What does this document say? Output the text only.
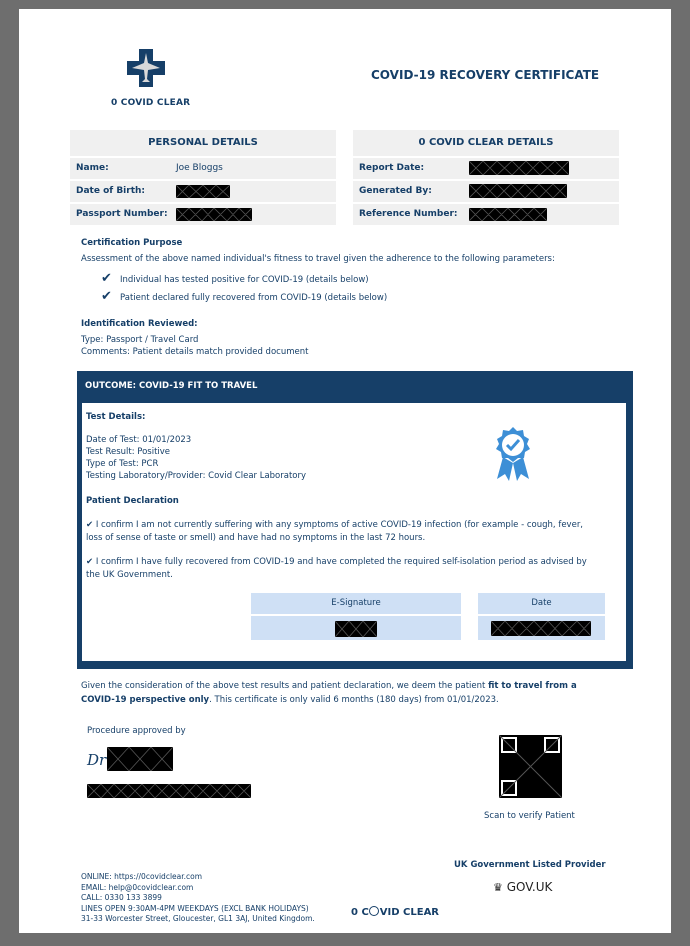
0 COVID CLEAR
COVID-19 RECOVERY CERTIFICATE
PERSONAL DETAILS
Name:	Joe Bloggs
Date of Birth:
Passport Number:
0 COVID CLEAR DETAILS
Report Date:
Generated By:
Reference Number:
Certification Purpose
Assessment of the above named individual's fitness to travel given the adherence to the following parameters:
✔ Individual has tested positive for COVID-19 (details below)
✔ Patient declared fully recovered from COVID-19 (details below)
Identification Reviewed:
Type: Passport / Travel Card
Comments: Patient details match provided document
OUTCOME: COVID-19 FIT TO TRAVEL
Test Details:
Date of Test: 01/01/2023
Test Result: Positive
Type of Test: PCR
Testing Laboratory/Provider: Covid Clear Laboratory
Patient Declaration
✔ I confirm I am not currently suffering with any symptoms of active COVID-19 infection (for example - cough, fever,
loss of sense of taste or smell) and have had no symptoms in the last 72 hours.
✔ I confirm I have fully recovered from COVID-19 and have completed the required self-isolation period as advised by
the UK Government.
E-Signature	Date
Given the consideration of the above test results and patient declaration, we deem the patient fit to travel from a
COVID-19 perspective only. This certificate is only valid 6 months (180 days) from 01/01/2023.
Procedure approved by
Dr
Scan to verify Patient
ONLINE: https://0covidclear.com
EMAIL: help@0covidclear.com
CALL: 0330 133 3899
LINES OPEN 9:30AM-4PM WEEKDAYS (EXCL BANK HOLIDAYS)
31-33 Worcester Street, Gloucester, GL1 3AJ, United Kingdom.
0 C VID CLEAR
UK Government Listed Provider
♛ GOV.UK
